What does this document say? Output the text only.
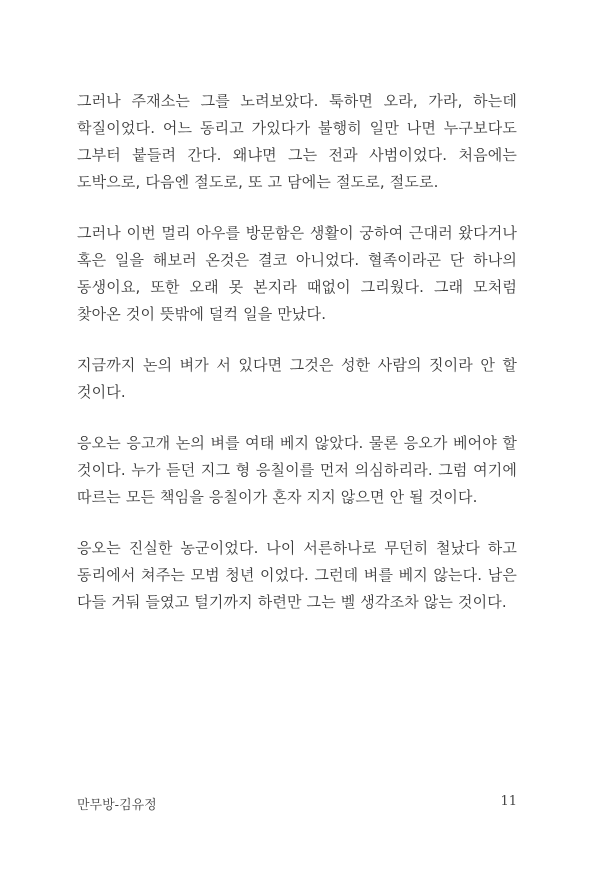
그러나 주재소는 그를 노려보았다. 툭하면 오라, 가라, 하는데 학질이었다. 어느 동리고 가있다가 불행히 일만 나면 누구보다도 그부터 붙들려 간다. 왜냐면 그는 전과 사범이었다. 처음에는 도박으로, 다음엔 절도로, 또 고 담에는 절도로, 절도로.

그러나 이번 멀리 아우를 방문함은 생활이 궁하여 근대러 왔다거나 혹은 일을 해보러 온것은 결코 아니었다. 혈족이라곤 단 하나의 동생이요, 또한 오래 못 본지라 때없이 그리웠다. 그래 모처럼 찾아온 것이 뜻밖에 덜컥 일을 만났다.

지금까지 논의 벼가 서 있다면 그것은 성한 사람의 짓이라 안 할 것이다.

응오는 응고개 논의 벼를 여태 베지 않았다. 물론 응오가 베어야 할 것이다. 누가 듣던 지그 형 응칠이를 먼저 의심하리라. 그럼 여기에 따르는 모든 책임을 응칠이가 혼자 지지 않으면 안 될 것이다.

응오는 진실한 농군이었다. 나이 서른하나로 무던히 철났다 하고 동리에서 쳐주는 모범 청년 이었다. 그런데 벼를 베지 않는다. 남은 다들 거둬 들였고 털기까지 하련만 그는 벨 생각조차 않는 것이다.

만무방-김유정	11
